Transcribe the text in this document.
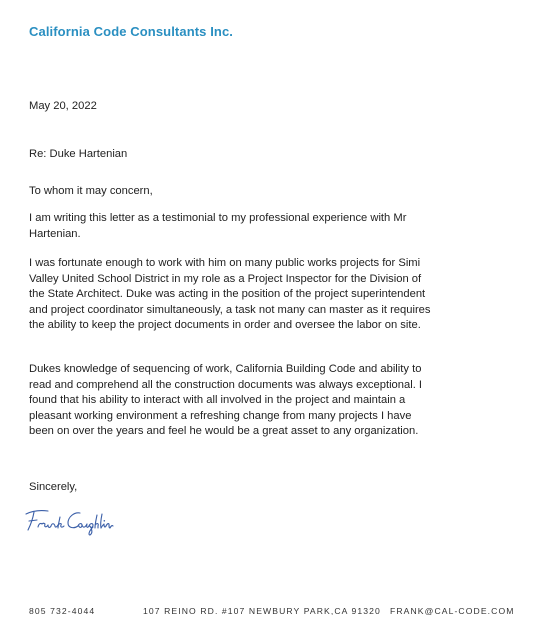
California Code Consultants Inc.
May 20, 2022
Re: Duke Hartenian
To whom it may concern,
I am writing this letter as a testimonial to my professional experience with Mr Hartenian.
I was fortunate enough to work with him on many public works projects for Simi Valley United School District in my role as a Project Inspector for the Division of the State Architect. Duke was acting in the position of the project superintendent and project coordinator simultaneously, a task not many can master as it requires the ability to keep the project documents in order and oversee the labor on site.
Dukes knowledge of sequencing of work, California Building Code and ability to read and comprehend all the construction documents was always exceptional. I found that his ability to interact with all involved in the project and maintain a pleasant working environment a refreshing change from many projects I have been on over the years and feel he would be a great asset to any organization.
Sincerely,
805 732-4044	107 REINO RD. #107 NEWBURY PARK,CA 91320 FRANK@CAL-CODE.COM
